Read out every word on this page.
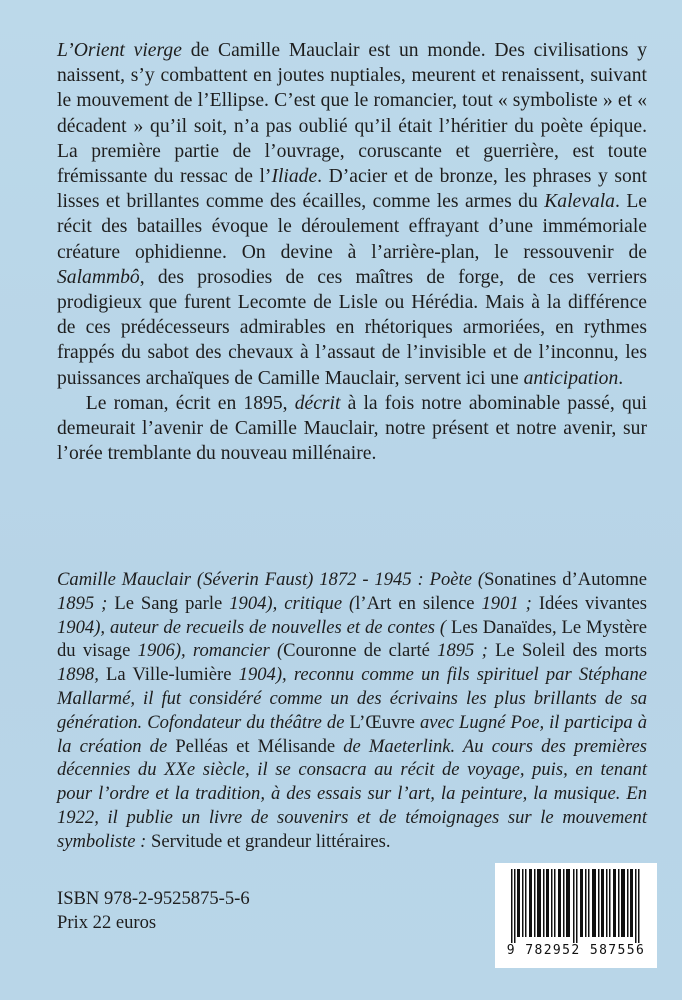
L’Orient vierge de Camille Mauclair est un monde. Des civilisations y naissent, s’y combattent en joutes nuptiales, meurent et renaissent, suivant le mouvement de l’Ellipse. C’est que le romancier, tout « symboliste » et « décadent » qu’il soit, n’a pas oublié qu’il était l’héritier du poète épique. La première partie de l’ouvrage, coruscante et guerrière, est toute frémissante du ressac de l’Iliade. D’acier et de bronze, les phrases y sont lisses et brillantes comme des écailles, comme les armes du Kalevala. Le récit des batailles évoque le déroulement effrayant d’une immémoriale créature ophidienne. On devine à l’arrière-plan, le ressouvenir de Salammbô, des prosodies de ces maîtres de forge, de ces verriers prodigieux que furent Lecomte de Lisle ou Hérédia. Mais à la différence de ces prédécesseurs admirables en rhétoriques armoriées, en rythmes frappés du sabot des chevaux à l’assaut de l’invisible et de l’inconnu, les puissances archaïques de Camille Mauclair, servent ici une anticipation.

Le roman, écrit en 1895, décrit à la fois notre abominable passé, qui demeurait l’avenir de Camille Mauclair, notre présent et notre avenir, sur l’orée tremblante du nouveau millénaire.

Camille Mauclair (Séverin Faust) 1872 - 1945 : Poète (Sonatines d’Automne 1895 ; Le Sang parle 1904), critique (l’Art en silence 1901 ; Idées vivantes 1904), auteur de recueils de nouvelles et de contes ( Les Danaïdes, Le Mystère du visage 1906), romancier (Couronne de clarté 1895 ; Le Soleil des morts 1898, La Ville-lumière 1904), reconnu comme un fils spirituel par Stéphane Mallarmé, il fut considéré comme un des écrivains les plus brillants de sa génération. Cofondateur du théâtre de L’Œuvre avec Lugné Poe, il participa à la création de Pelléas et Mélisande de Maeterlink. Au cours des premières décennies du XXe siècle, il se consacra au récit de voyage, puis, en tenant pour l’ordre et la tradition, à des essais sur l’art, la peinture, la musique. En 1922, il publie un livre de souvenirs et de témoignages sur le mouvement symboliste : Servitude et grandeur littéraires.

ISBN 978-2-9525875-5-6
Prix 22 euros
9 782952 587556
